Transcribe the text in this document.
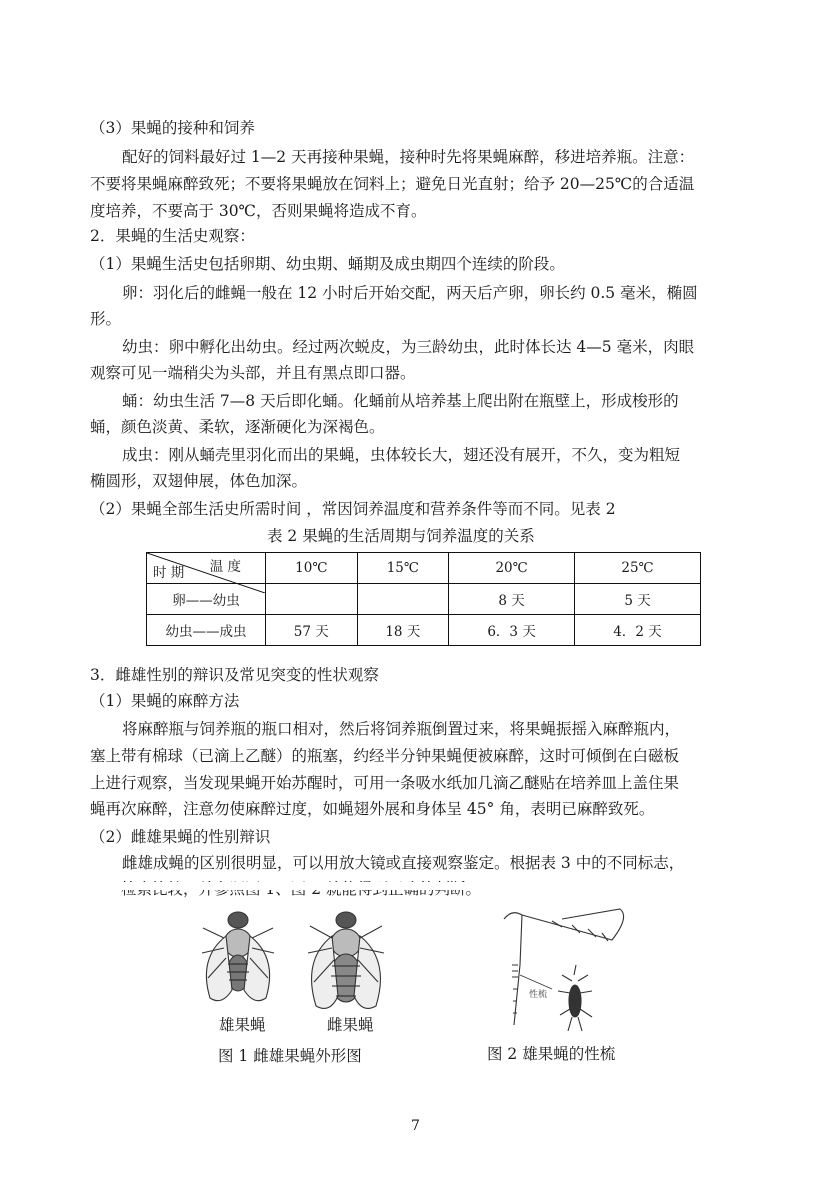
（3）果蝇的接种和饲养
配好的饲料最好过 1—2 天再接种果蝇，接种时先将果蝇麻醉，移进培养瓶。注意：
不要将果蝇麻醉致死；不要将果蝇放在饲料上；避免日光直射；给予 20—25℃的合适温
度培养，不要高于 30℃，否则果蝇将造成不育。
2．果蝇的生活史观察：
（1）果蝇生活史包括卵期、幼虫期、蛹期及成虫期四个连续的阶段。
卵：羽化后的雌蝇一般在 12 小时后开始交配，两天后产卵，卵长约 0.5 毫米，椭圆
形。
幼虫：卵中孵化出幼虫。经过两次蜕皮，为三龄幼虫，此时体长达 4—5 毫米，肉眼
观察可见一端稍尖为头部，并且有黑点即口器。
蛹：幼虫生活 7—8 天后即化蛹。化蛹前从培养基上爬出附在瓶壁上，形成梭形的
蛹，颜色淡黄、柔软，逐渐硬化为深褐色。
成虫：刚从蛹壳里羽化而出的果蝇，虫体较长大，翅还没有展开，不久，变为粗短
椭圆形，双翅伸展，体色加深。
（2）果蝇全部生活史所需时间 ，常因饲养温度和营养条件等而不同。见表 2
表 2 果蝇的生活周期与饲养温度的关系
温 度
时 期	10℃	15℃	20℃	25℃
卵——幼虫			8 天	5 天
幼虫——成虫	57 天	18 天	6．3 天	4．2 天
3．雌雄性别的辩识及常见突变的性状观察
（1）果蝇的麻醉方法
将麻醉瓶与饲养瓶的瓶口相对，然后将饲养瓶倒置过来，将果蝇振摇入麻醉瓶内，
塞上带有棉球（已滴上乙醚）的瓶塞，约经半分钟果蝇便被麻醉，这时可倾倒在白磁板
上进行观察，当发现果蝇开始苏醒时，可用一条吸水纸加几滴乙醚贴在培养皿上盖住果
蝇再次麻醉，注意勿使麻醉过度，如蝇翅外展和身体呈 45° 角，表明已麻醉致死。
（2）雌雄果蝇的性别辩识
雌雄成蝇的区别很明显，可以用放大镜或直接观察鉴定。根据表 3 中的不同标志，
雄果蝇	雌果蝇
图 1 雌雄果蝇外形图
性梳
图 2 雄果蝇的性梳
7
